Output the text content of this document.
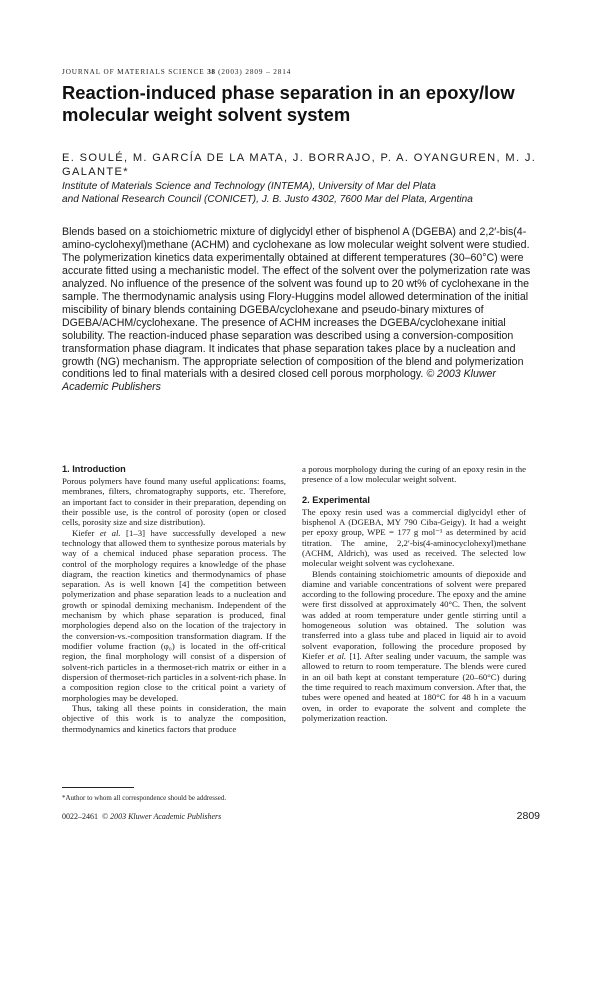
JOURNAL OF MATERIALS SCIENCE 38 (2003) 2809 – 2814
Reaction-induced phase separation in an epoxy/low molecular weight solvent system
E. SOULÉ, M. GARCÍA DE LA MATA, J. BORRAJO, P. A. OYANGUREN, M. J. GALANTE*
Institute of Materials Science and Technology (INTEMA), University of Mar del Plata
and National Research Council (CONICET), J. B. Justo 4302, 7600 Mar del Plata, Argentina

Blends based on a stoichiometric mixture of diglycidyl ether of bisphenol A (DGEBA) and 2,2′-bis(4-amino-cyclohexyl)methane (ACHM) and cyclohexane as low molecular weight solvent were studied. The polymerization kinetics data experimentally obtained at different temperatures (30–60°C) were accurate fitted using a mechanistic model. The effect of the solvent over the polymerization rate was analyzed. No influence of the presence of the solvent was found up to 20 wt% of cyclohexane in the sample. The thermodynamic analysis using Flory-Huggins model allowed determination of the initial miscibility of binary blends containing DGEBA/cyclohexane and pseudo-binary mixtures of DGEBA/ACHM/cyclohexane. The presence of ACHM increases the DGEBA/cyclohexane initial solubility. The reaction-induced phase separation was described using a conversion-composition transformation phase diagram. It indicates that phase separation takes place by a nucleation and growth (NG) mechanism. The appropriate selection of composition of the blend and polymerization conditions led to final materials with a desired closed cell porous morphology. © 2003 Kluwer Academic Publishers

1. Introduction

Porous polymers have found many useful applications: foams, membranes, filters, chromatography supports, etc. Therefore, an important fact to consider in their preparation, depending on their possible use, is the control of porosity (open or closed cells, porosity size and size distribution).

Kiefer et al. [1–3] have successfully developed a new technology that allowed them to synthesize porous materials by way of a chemical induced phase separation process. The control of the morphology requires a knowledge of the phase diagram, the reaction kinetics and thermodynamics of phase separation. As is well known [4] the competition between polymerization and phase separation leads to a nucleation and growth or spinodal demixing mechanism. Independent of the mechanism by which phase separation is produced, final morphologies depend also on the location of the trajectory in the conversion-vs.-composition transformation diagram. If the modifier volume fraction (φ₀) is located in the off-critical region, the final morphology will consist of a dispersion of solvent-rich particles in a thermoset-rich matrix or either in a dispersion of thermoset-rich particles in a solvent-rich phase. In a composition region close to the critical point a variety of morphologies may be developed.

Thus, taking all these points in consideration, the main objective of this work is to analyze the composition, thermodynamics and kinetics factors that produce

a porous morphology during the curing of an epoxy resin in the presence of a low molecular weight solvent.

2. Experimental

The epoxy resin used was a commercial diglycidyl ether of bisphenol A (DGEBA, MY 790 Ciba-Geigy). It had a weight per epoxy group, WPE = 177 g mol⁻¹ as determined by acid titration. The amine, 2,2′-bis(4-aminocyclohexyl)methane (ACHM, Aldrich), was used as received. The selected low molecular weight solvent was cyclohexane.

Blends containing stoichiometric amounts of diepoxide and diamine and variable concentrations of solvent were prepared according to the following procedure. The epoxy and the amine were first dissolved at approximately 40°C. Then, the solvent was added at room temperature under gentle stirring until a homogeneous solution was obtained. The solution was transferred into a glass tube and placed in liquid air to avoid solvent evaporation, following the procedure proposed by Kiefer et al. [1]. After sealing under vacuum, the sample was allowed to return to room temperature. The blends were cured in an oil bath kept at constant temperature (20–60°C) during the time required to reach maximum conversion. After that, the tubes were opened and heated at 180°C for 48 h in a vacuum oven, in order to evaporate the solvent and complete the polymerization reaction.

*Author to whom all correspondence should be addressed.
0022–2461 © 2003 Kluwer Academic Publishers	2809
